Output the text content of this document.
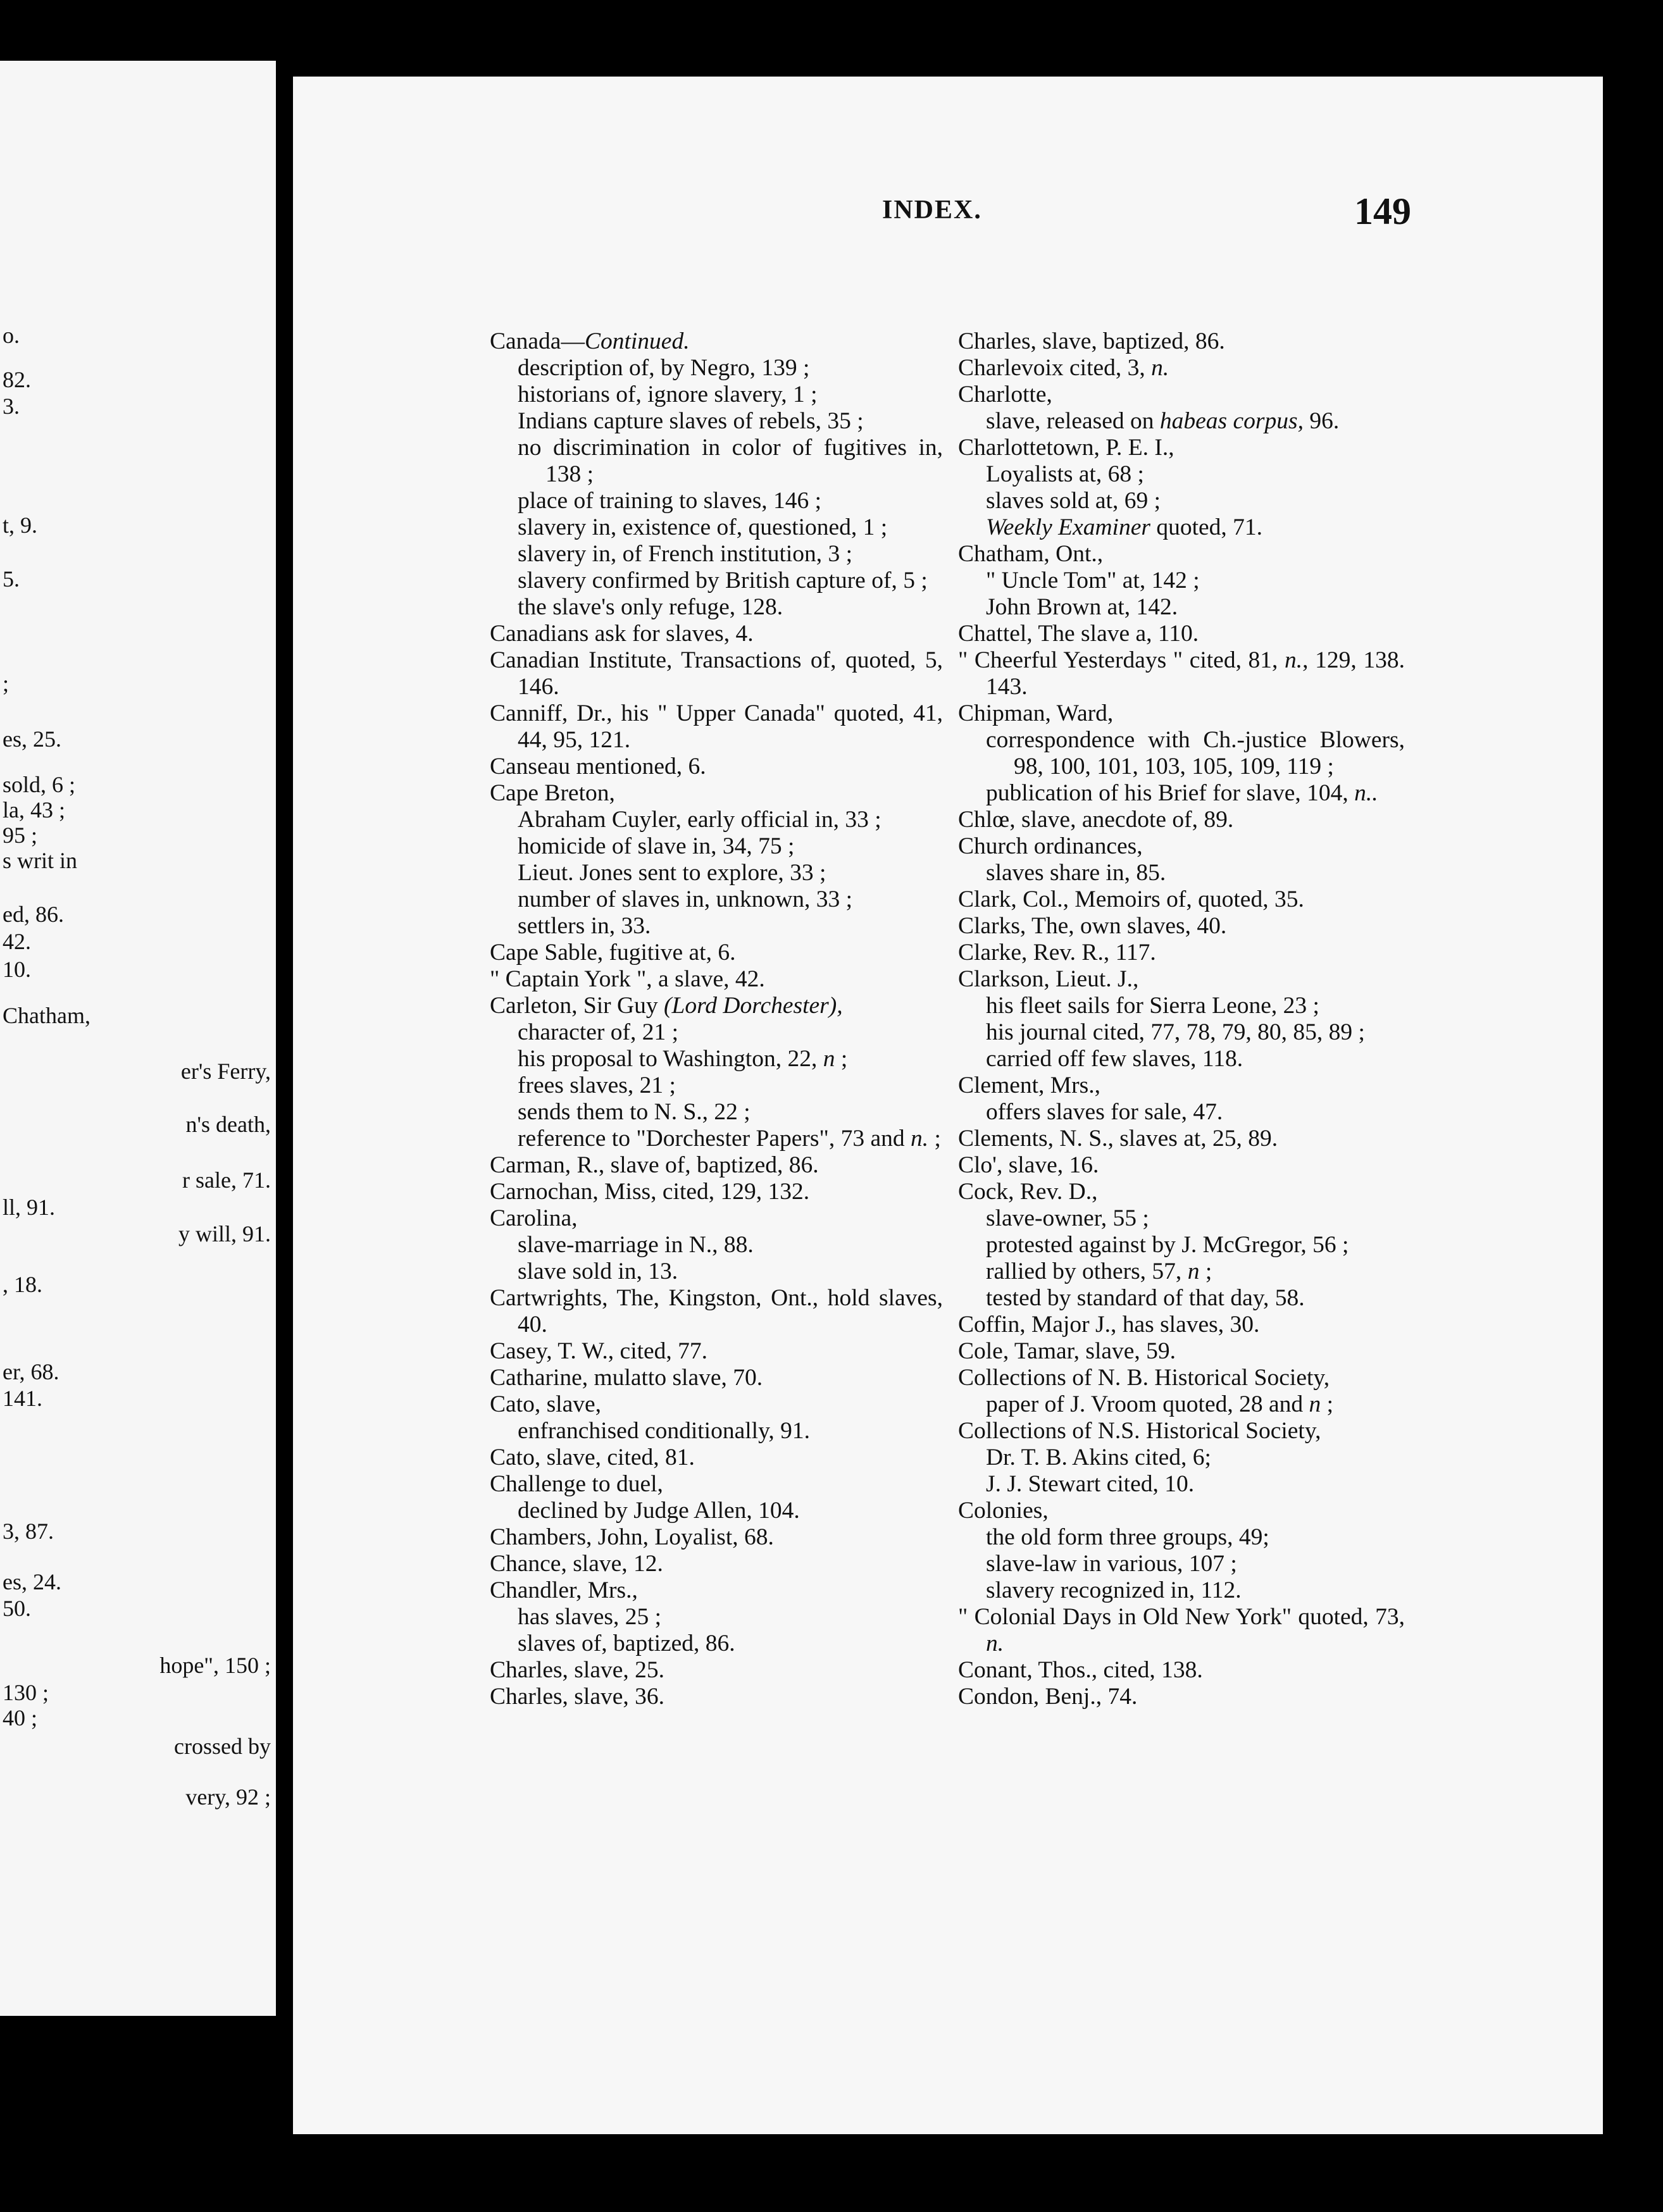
o.
82.
3.
t, 9.
5.
;
es, 25.
sold, 6 ;
la, 43 ;
95 ;
s writ in
ed, 86.
42.
10.
Chatham,
er's Ferry,
n's death,
r sale, 71.
ll, 91.
y will, 91.
, 18.
er, 68.
141.
3, 87.
es, 24.
50.
hope", 150 ;
130 ;
40 ;
crossed by
very, 92 ;
INDEX.	149
Canada—Continued.
description of, by Negro, 139 ;
historians of, ignore slavery, 1 ;
Indians capture slaves of rebels, 35 ;
no discrimination in color of fugitives in, 138 ;
place of training to slaves, 146 ;
slavery in, existence of, questioned, 1 ;
slavery in, of French institution, 3 ;
slavery confirmed by British capture of, 5 ;
the slave's only refuge, 128.
Canadians ask for slaves, 4.
Canadian Institute, Transactions of, quoted, 5, 146.
Canniff, Dr., his " Upper Canada" quoted, 41, 44, 95, 121.
Canseau mentioned, 6.
Cape Breton,
Abraham Cuyler, early official in, 33 ;
homicide of slave in, 34, 75 ;
Lieut. Jones sent to explore, 33 ;
number of slaves in, unknown, 33 ;
settlers in, 33.
Cape Sable, fugitive at, 6.
" Captain York ", a slave, 42.
Carleton, Sir Guy (Lord Dorchester),
character of, 21 ;
his proposal to Washington, 22, n ;
frees slaves, 21 ;
sends them to N. S., 22 ;
reference to "Dorchester Papers", 73 and n. ;
Carman, R., slave of, baptized, 86.
Carnochan, Miss, cited, 129, 132.
Carolina,
slave-marriage in N., 88.
slave sold in, 13.
Cartwrights, The, Kingston, Ont., hold slaves, 40.
Casey, T. W., cited, 77.
Catharine, mulatto slave, 70.
Cato, slave,
enfranchised conditionally, 91.
Cato, slave, cited, 81.
Challenge to duel,
declined by Judge Allen, 104.
Chambers, John, Loyalist, 68.
Chance, slave, 12.
Chandler, Mrs.,
has slaves, 25 ;
slaves of, baptized, 86.
Charles, slave, 25.
Charles, slave, 36.
Charles, slave, baptized, 86.
Charlevoix cited, 3, n.
Charlotte,
slave, released on habeas corpus, 96.
Charlottetown, P. E. I.,
Loyalists at, 68 ;
slaves sold at, 69 ;
Weekly Examiner quoted, 71.
Chatham, Ont.,
" Uncle Tom" at, 142 ;
John Brown at, 142.
Chattel, The slave a, 110.
" Cheerful Yesterdays " cited, 81, n., 129, 138. 143.
Chipman, Ward,
correspondence with Ch.-justice Blowers, 98, 100, 101, 103, 105, 109, 119 ;
publication of his Brief for slave, 104, n..
Chlœ, slave, anecdote of, 89.
Church ordinances,
slaves share in, 85.
Clark, Col., Memoirs of, quoted, 35.
Clarks, The, own slaves, 40.
Clarke, Rev. R., 117.
Clarkson, Lieut. J.,
his fleet sails for Sierra Leone, 23 ;
his journal cited, 77, 78, 79, 80, 85, 89 ;
carried off few slaves, 118.
Clement, Mrs.,
offers slaves for sale, 47.
Clements, N. S., slaves at, 25, 89.
Clo', slave, 16.
Cock, Rev. D.,
slave-owner, 55 ;
protested against by J. McGregor, 56 ;
rallied by others, 57, n ;
tested by standard of that day, 58.
Coffin, Major J., has slaves, 30.
Cole, Tamar, slave, 59.
Collections of N. B. Historical Society,
paper of J. Vroom quoted, 28 and n ;
Collections of N.S. Historical Society,
Dr. T. B. Akins cited, 6;
J. J. Stewart cited, 10.
Colonies,
the old form three groups, 49;
slave-law in various, 107 ;
slavery recognized in, 112.
" Colonial Days in Old New York" quoted, 73, n.
Conant, Thos., cited, 138.
Condon, Benj., 74.
